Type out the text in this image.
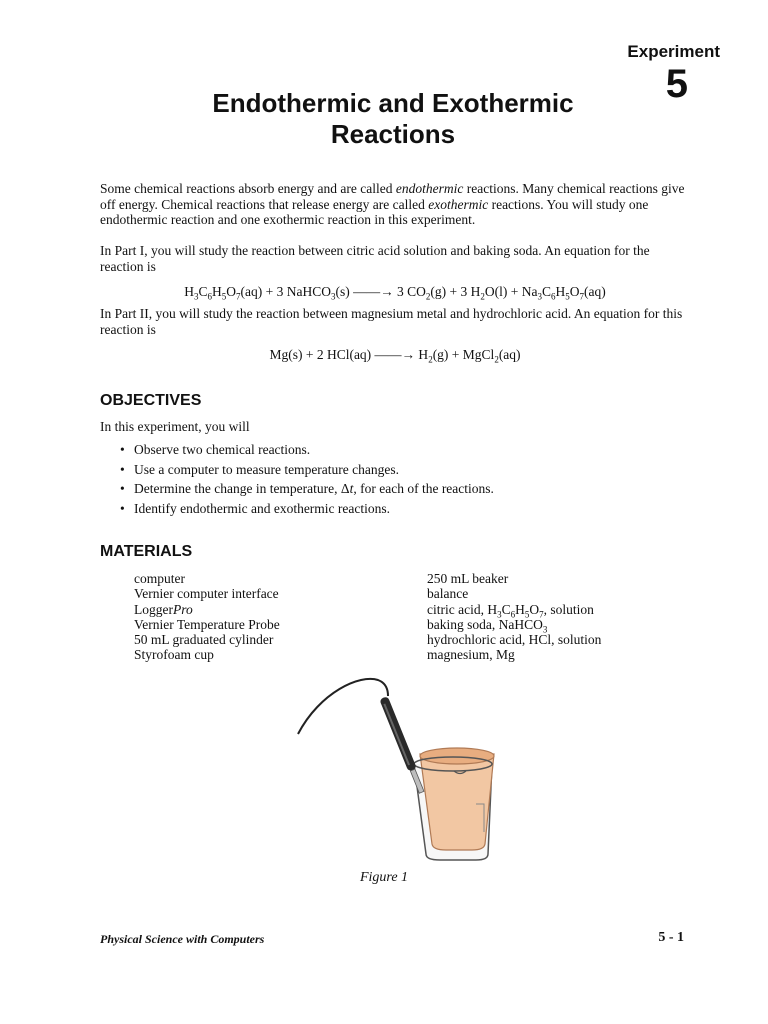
Experiment
5
Endothermic and Exothermic
Reactions
Some chemical reactions absorb energy and are called endothermic reactions. Many chemical reactions give off energy. Chemical reactions that release energy are called exothermic reactions. You will study one endothermic reaction and one exothermic reaction in this experiment.
In Part I, you will study the reaction between citric acid solution and baking soda. An equation for the reaction is
$H_3C_6H_5O_7(aq) + 3$ NaHCO$_3$(s) ——→ 3 $CO_2(g) + 3$ $H_2O(l) + Na_3C_6H_5O_7(aq)$
In Part II, you will study the reaction between magnesium metal and hydrochloric acid. An equation for this reaction is
Mg(s) + 2 HCl(aq) ——→ $H_2(g)$ + MgCl$_2$(aq)
OBJECTIVES
In this experiment, you will
• Observe two chemical reactions.
• Use a computer to measure temperature changes.
• Determine the change in temperature, Δt, for each of the reactions.
• Identify endothermic and exothermic reactions.
MATERIALS
computer
Vernier computer interface
LoggerPro
Vernier Temperature Probe
50 mL graduated cylinder
Styrofoam cup
250 mL beaker
balance
citric acid, $H_3C_6H_5O_7$, solution
baking soda, NaHCO$_3$
hydrochloric acid, HCl, solution
magnesium, Mg
Figure 1
Physical Science with Computers	5 - 1
